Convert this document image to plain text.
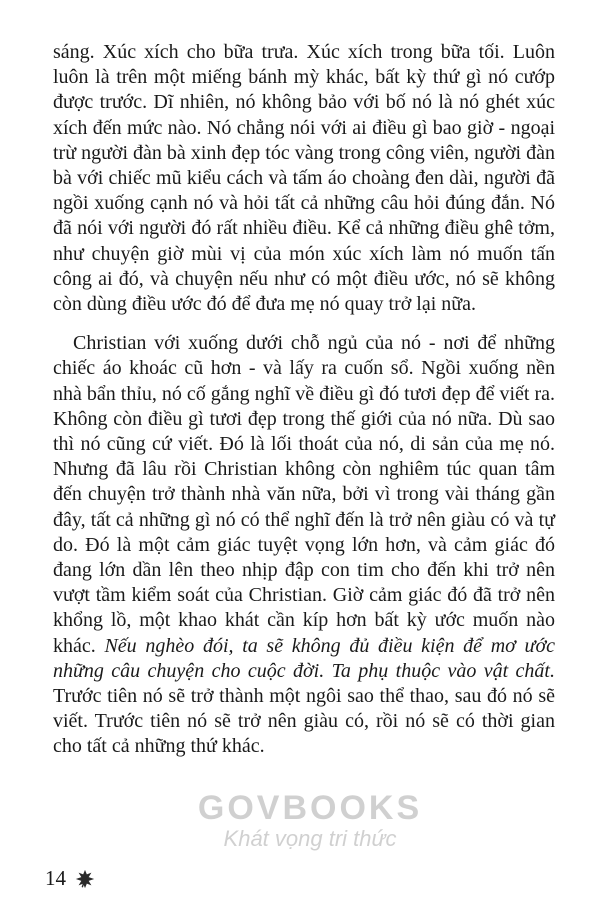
sáng. Xúc xích cho bữa trưa. Xúc xích trong bữa tối. Luôn luôn là trên một miếng bánh mỳ khác, bất kỳ thứ gì nó cướp được trước. Dĩ nhiên, nó không bảo với bố nó là nó ghét xúc xích đến mức nào. Nó chẳng nói với ai điều gì bao giờ - ngoại trừ người đàn bà xinh đẹp tóc vàng trong công viên, người đàn bà với chiếc mũ kiểu cách và tấm áo choàng đen dài, người đã ngồi xuống cạnh nó và hỏi tất cả những câu hỏi đúng đắn. Nó đã nói với người đó rất nhiều điều. Kể cả những điều ghê tởm, như chuyện giờ mùi vị của món xúc xích làm nó muốn tấn công ai đó, và chuyện nếu như có một điều ước, nó sẽ không còn dùng điều ước đó để đưa mẹ nó quay trở lại nữa.

Christian với xuống dưới chỗ ngủ của nó - nơi để những chiếc áo khoác cũ hơn - và lấy ra cuốn sổ. Ngồi xuống nền nhà bẩn thỉu, nó cố gắng nghĩ về điều gì đó tươi đẹp để viết ra. Không còn điều gì tươi đẹp trong thế giới của nó nữa. Dù sao thì nó cũng cứ viết. Đó là lối thoát của nó, di sản của mẹ nó. Nhưng đã lâu rồi Christian không còn nghiêm túc quan tâm đến chuyện trở thành nhà văn nữa, bởi vì trong vài tháng gần đây, tất cả những gì nó có thể nghĩ đến là trở nên giàu có và tự do. Đó là một cảm giác tuyệt vọng lớn hơn, và cảm giác đó đang lớn dần lên theo nhịp đập con tim cho đến khi trở nên vượt tầm kiểm soát của Christian. Giờ cảm giác đó đã trở nên khổng lồ, một khao khát cần kíp hơn bất kỳ ước muốn nào khác. Nếu nghèo đói, ta sẽ không đủ điều kiện để mơ ước những câu chuyện cho cuộc đời. Ta phụ thuộc vào vật chất. Trước tiên nó sẽ trở thành một ngôi sao thể thao, sau đó nó sẽ viết. Trước tiên nó sẽ trở nên giàu có, rồi nó sẽ có thời gian cho tất cả những thứ khác.

GOVBOOKS
Khát vọng tri thức
14
